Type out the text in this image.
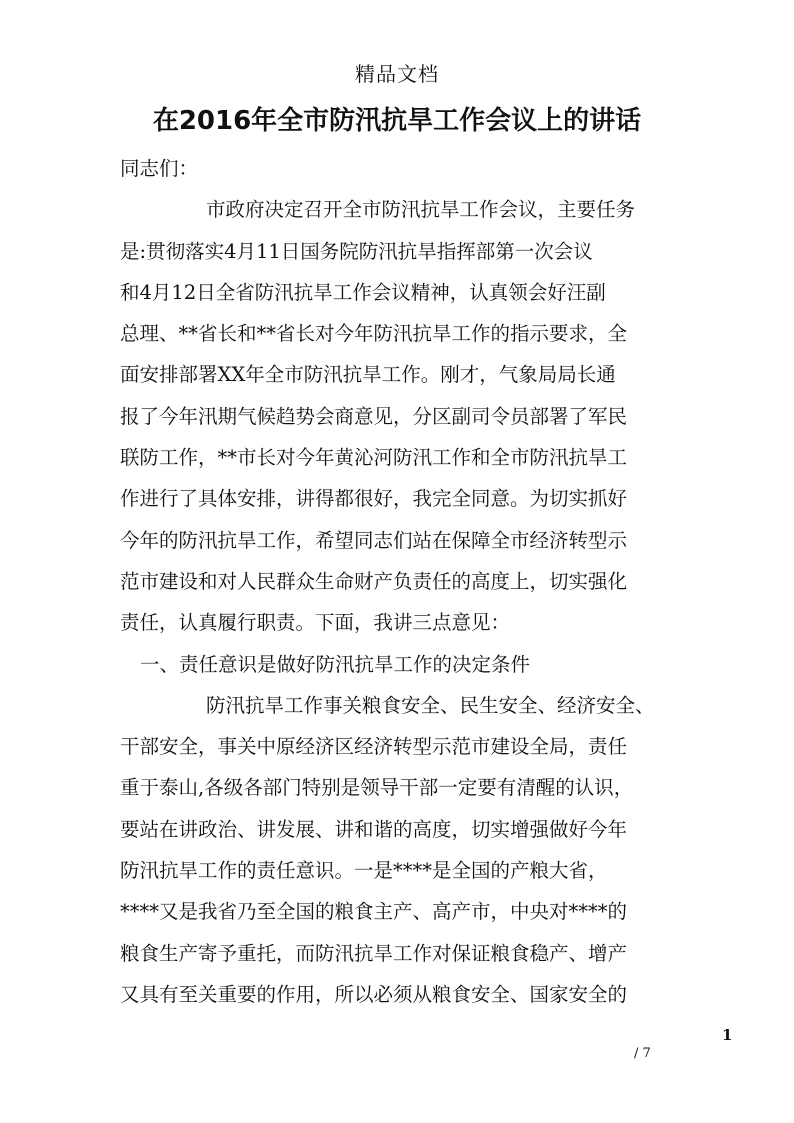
精品文档
在2016年全市防汛抗旱工作会议上的讲话
同志们：
市政府决定召开全市防汛抗旱工作会议，主要任务
是:贯彻落实4月11日国务院防汛抗旱指挥部第一次会议
和4月12日全省防汛抗旱工作会议精神，认真领会好汪副
总理、**省长和**省长对今年防汛抗旱工作的指示要求，全
面安排部署XX年全市防汛抗旱工作。刚才，气象局局长通
报了今年汛期气候趋势会商意见，分区副司令员部署了军民
联防工作，**市长对今年黄沁河防汛工作和全市防汛抗旱工
作进行了具体安排，讲得都很好，我完全同意。为切实抓好
今年的防汛抗旱工作，希望同志们站在保障全市经济转型示
范市建设和对人民群众生命财产负责任的高度上，切实强化
责任，认真履行职责。下面，我讲三点意见：
一、责任意识是做好防汛抗旱工作的决定条件
防汛抗旱工作事关粮食安全、民生安全、经济安全、
干部安全，事关中原经济区经济转型示范市建设全局，责任
重于泰山,各级各部门特别是领导干部一定要有清醒的认识，
要站在讲政治、讲发展、讲和谐的高度，切实增强做好今年
防汛抗旱工作的责任意识。一是****是全国的产粮大省，
****又是我省乃至全国的粮食主产、高产市，中央对****的
粮食生产寄予重托，而防汛抗旱工作对保证粮食稳产、增产
又具有至关重要的作用，所以必须从粮食安全、国家安全的
1
/ 7
